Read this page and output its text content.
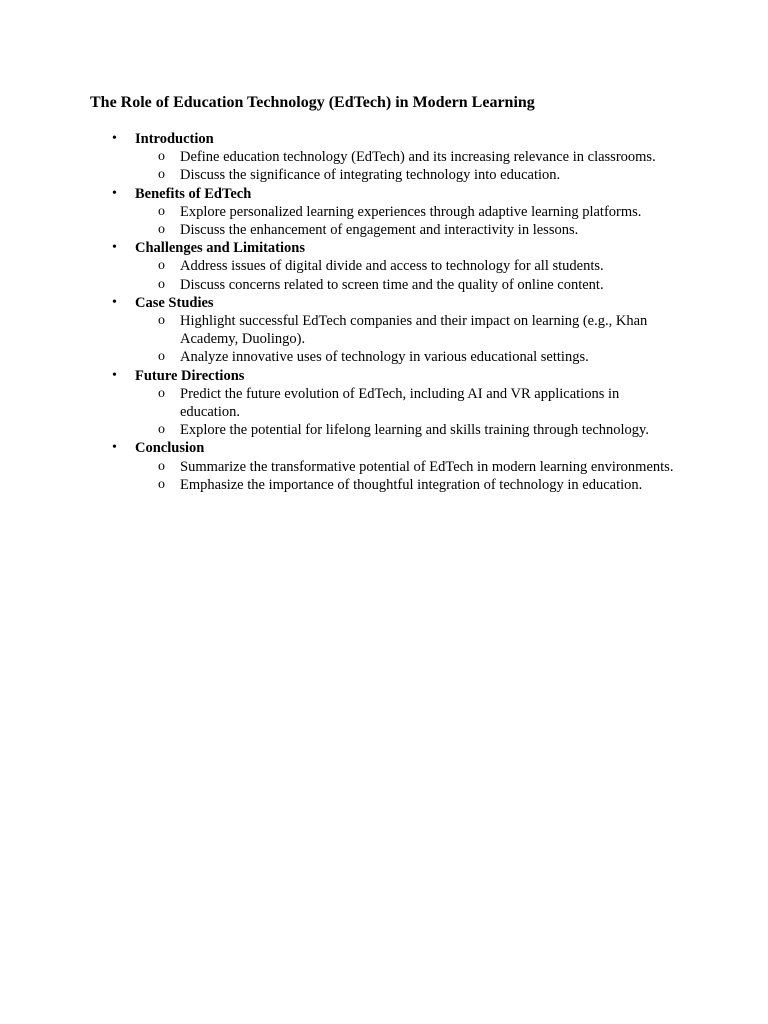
The Role of Education Technology (EdTech) in Modern Learning
•	Introduction
o Define education technology (EdTech) and its increasing relevance in classrooms.
o Discuss the significance of integrating technology into education.
•	Benefits of EdTech
o Explore personalized learning experiences through adaptive learning platforms.
o Discuss the enhancement of engagement and interactivity in lessons.
•	Challenges and Limitations
o Address issues of digital divide and access to technology for all students.
o Discuss concerns related to screen time and the quality of online content.
•	Case Studies
o Highlight successful EdTech companies and their impact on learning (e.g., Khan Academy, Duolingo).
o Analyze innovative uses of technology in various educational settings.
•	Future Directions
o Predict the future evolution of EdTech, including AI and VR applications in education.
o Explore the potential for lifelong learning and skills training through technology.
•	Conclusion
o Summarize the transformative potential of EdTech in modern learning environments.
o Emphasize the importance of thoughtful integration of technology in education.
